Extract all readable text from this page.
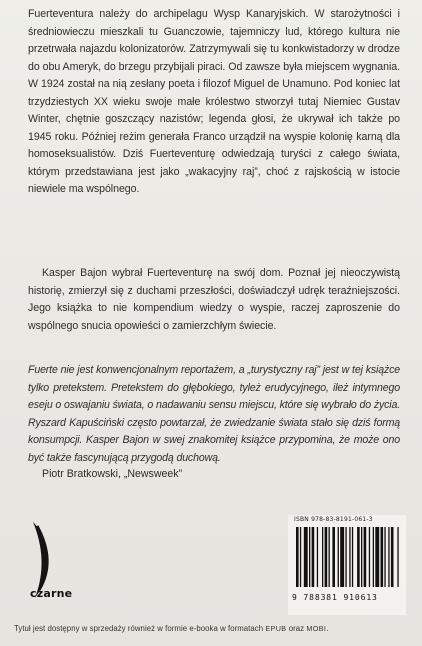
Fuerteventura należy do archipelagu Wysp Kanaryjskich. W starożytności i średniowieczu mieszkali tu Guanczowie, tajemniczy lud, którego kultura nie przetrwała najazdu kolonizatorów. Zatrzymywali się tu konkwistadorzy w drodze do obu Ameryk, do brzegu przybijali piraci. Od zawsze była miejscem wygnania. W 1924 został na nią zesłany poeta i filozof Miguel de Unamuno. Pod koniec lat trzydziestych XX wieku swoje małe królestwo stworzył tutaj Niemiec Gustav Winter, chętnie goszczący nazistów; legenda głosi, że ukrywał ich także po 1945 roku. Później reżim generała Franco urządził na wyspie kolonię karną dla homoseksualistów. Dziś Fuerteventurę odwiedzają turyści z całego świata, którym przedstawiana jest jako „wakacyjny raj”, choć z rajskością w istocie niewiele ma wspólnego.

Kasper Bajon wybrał Fuerteventurę na swój dom. Poznał jej nieoczywistą historię, zmierzył się z duchami przeszłości, doświadczył udręk teraźniejszości. Jego książka to nie kompendium wiedzy o wyspie, raczej zaproszenie do wspólnego snucia opowieści o zamierzchłym świecie.

Fuerte nie jest konwencjonalnym reportażem, a „turystyczny raj” jest w tej książce tylko pretekstem. Pretekstem do głębokiego, tyleż erudycyjnego, ileż intymnego eseju o oswajaniu świata, o nadawaniu sensu miejscu, które się wybrało do życia. Ryszard Kapuściński często powtarzał, że zwiedzanie świata stało się dziś formą konsumpcji. Kasper Bajon w swej znakomitej książce przypomina, że może ono być także fascynującą przygodą duchową.

Piotr Bratkowski, „Newsweek”

czarne
ISBN 978-83-8191-061-3
9 788381 910613

Tytuł jest dostępny w sprzedaży również w formie e-booka w formatach EPUB oraz MOBI.
